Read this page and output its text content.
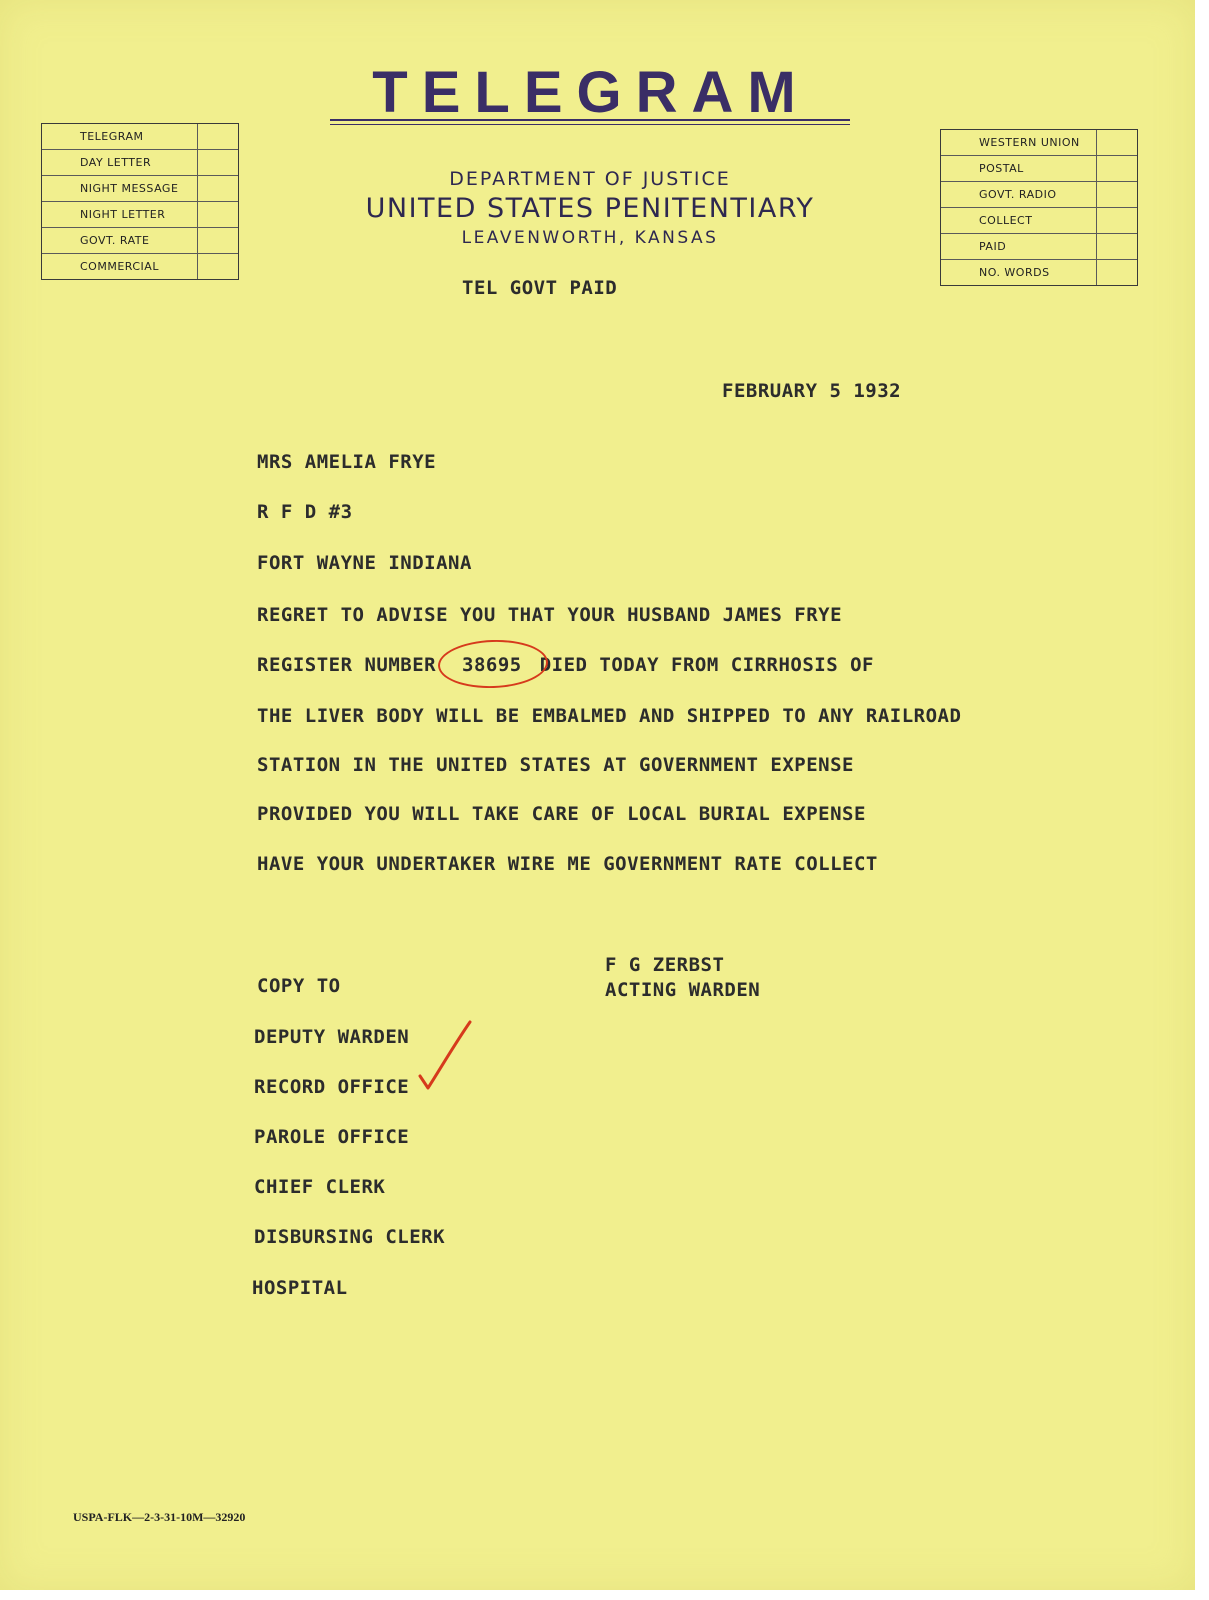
TELEGRAM
TELEGRAM
DAY LETTER
NIGHT MESSAGE
NIGHT LETTER
GOVT. RATE
COMMERCIAL
WESTERN UNION
POSTAL
GOVT. RADIO
COLLECT
PAID
NO. WORDS
DEPARTMENT OF JUSTICE
UNITED STATES PENITENTIARY
LEAVENWORTH, KANSAS
TEL GOVT PAID
FEBRUARY 5 1932
MRS AMELIA FRYE
R F D #3
FORT WAYNE INDIANA
REGRET TO ADVISE YOU THAT YOUR HUSBAND JAMES FRYE
REGISTER NUMBER 38695 DIED TODAY FROM CIRRHOSIS OF
THE LIVER BODY WILL BE EMBALMED AND SHIPPED TO ANY RAILROAD
STATION IN THE UNITED STATES AT GOVERNMENT EXPENSE
PROVIDED YOU WILL TAKE CARE OF LOCAL BURIAL EXPENSE
HAVE YOUR UNDERTAKER WIRE ME GOVERNMENT RATE COLLECT
F G ZERBST
ACTING WARDEN
COPY TO
DEPUTY WARDEN
RECORD OFFICE
PAROLE OFFICE
CHIEF CLERK
DISBURSING CLERK
HOSPITAL
USPA-FLK—2-3-31-10M—32920
